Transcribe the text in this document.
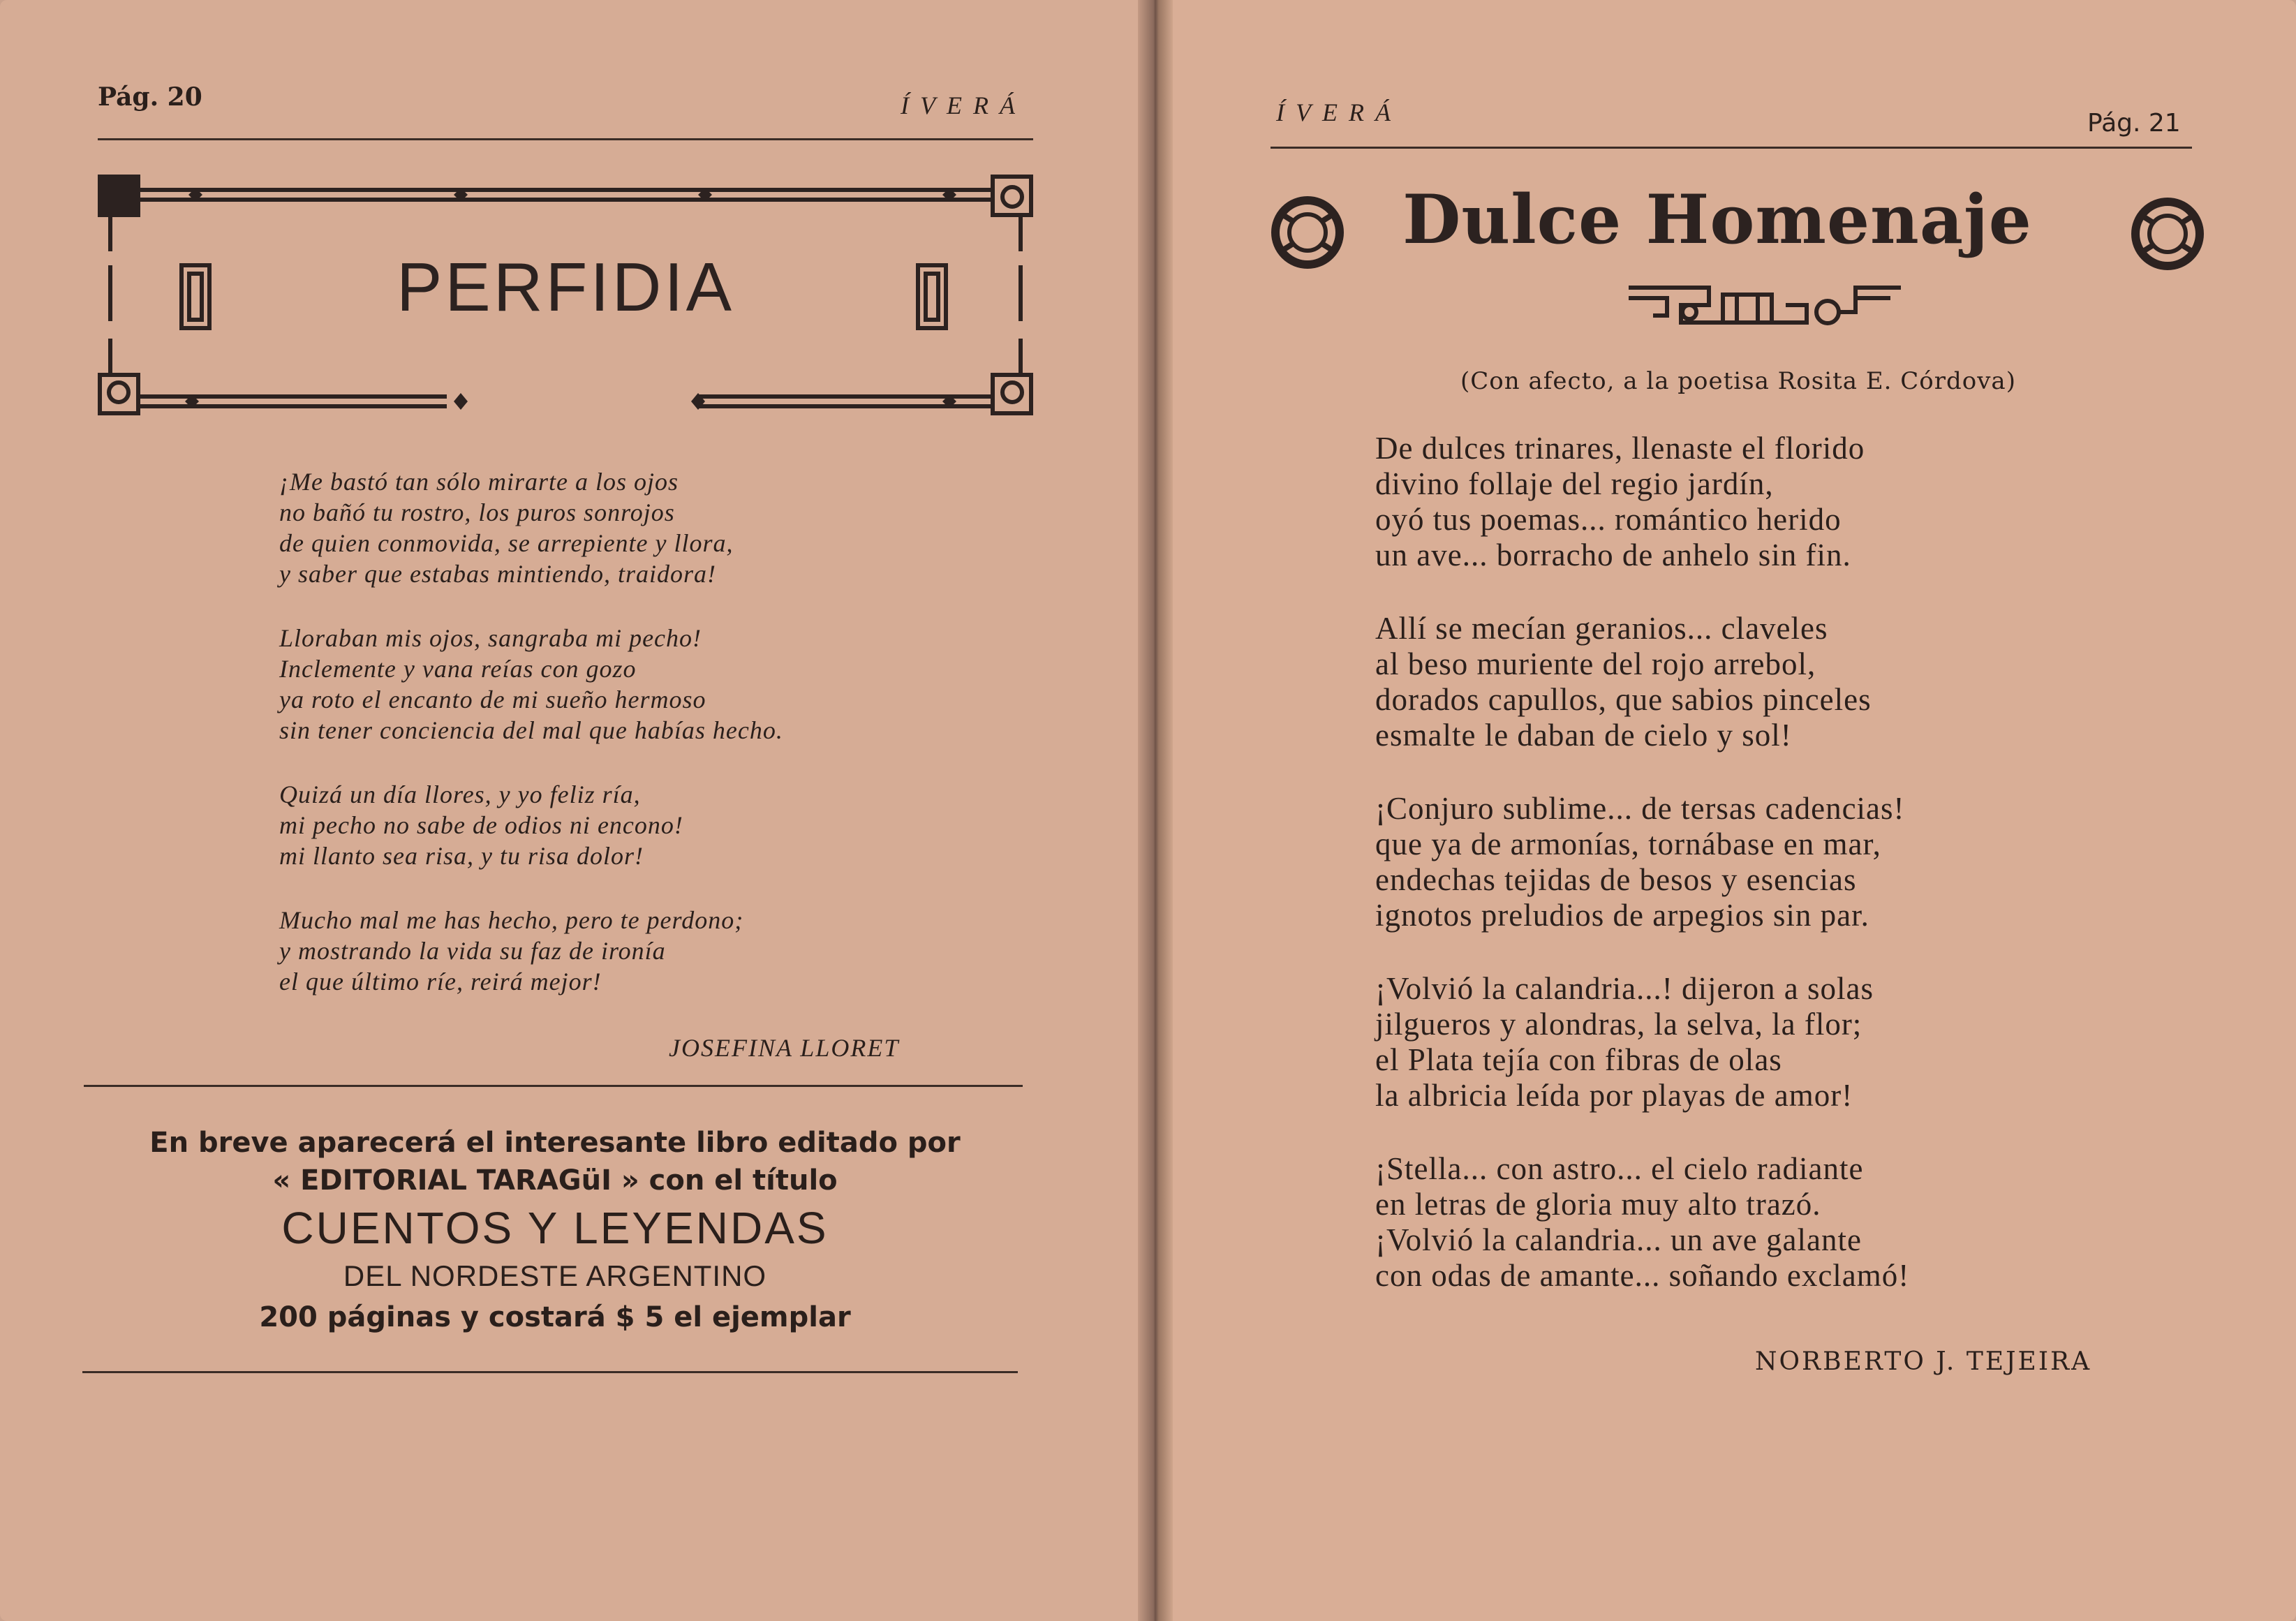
Pág. 20	ÍVERÁ
PERFIDIA
¡Me bastó tan sólo mirarte a los ojos
no bañó tu rostro, los puros sonrojos
de quien conmovida, se arrepiente y llora,
y saber que estabas mintiendo, traidora!
Lloraban mis ojos, sangraba mi pecho!
Inclemente y vana reías con gozo
ya roto el encanto de mi sueño hermoso
sin tener conciencia del mal que habías hecho.
Quizá un día llores, y yo feliz ría,
mi pecho no sabe de odios ni encono!
mi llanto sea risa, y tu risa dolor!
Mucho mal me has hecho, pero te perdono;
y mostrando la vida su faz de ironía
el que último ríe, reirá mejor!
JOSEFINA LLORET
En breve aparecerá el interesante libro editado por
« EDITORIAL TARAGüI » con el título
CUENTOS Y LEYENDAS
DEL NORDESTE ARGENTINO
200 páginas y costará $ 5 el ejemplar
ÍVERÁ	Pág. 21
Dulce Homenaje
(Con afecto, a la poetisa Rosita E. Córdova)
De dulces trinares, llenaste el florido
divino follaje del regio jardín,
oyó tus poemas... romántico herido
un ave... borracho de anhelo sin fin.
Allí se mecían geranios... claveles
al beso muriente del rojo arrebol,
dorados capullos, que sabios pinceles
esmalte le daban de cielo y sol!
¡Conjuro sublime... de tersas cadencias!
que ya de armonías, tornábase en mar,
endechas tejidas de besos y esencias
ignotos preludios de arpegios sin par.
¡Volvió la calandria...! dijeron a solas
jilgueros y alondras, la selva, la flor;
el Plata tejía con fibras de olas
la albricia leída por playas de amor!
¡Stella... con astro... el cielo radiante
en letras de gloria muy alto trazó.
¡Volvió la calandria... un ave galante
con odas de amante... soñando exclamó!
NORBERTO J. TEJEIRA
